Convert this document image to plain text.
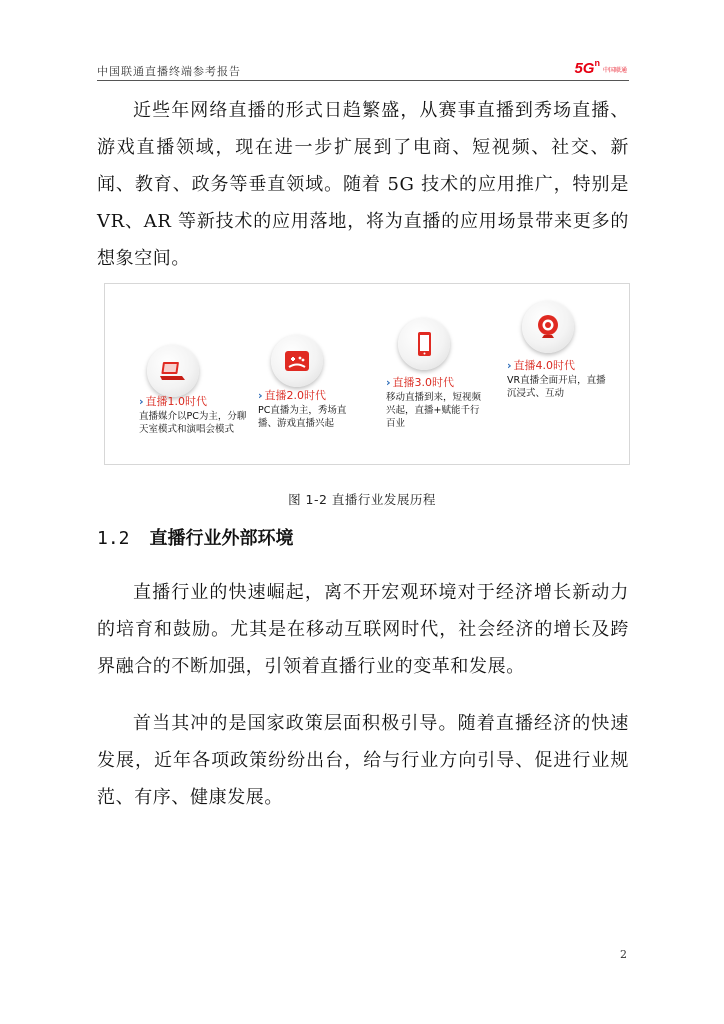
中国联通直播终端参考报告	5G n
中国联通

近些年网络直播的形式日趋繁盛，从赛事直播到秀场直播、游戏直播领域，现在进一步扩展到了电商、短视频、社交、新闻、教育、政务等垂直领域。随着 5G 技术的应用推广，特别是 VR、AR 等新技术的应用落地，将为直播的应用场景带来更多的想象空间。

› 直播1.0时代
直播媒介以PC为主，分聊天室模式和演唱会模式
› 直播2.0时代
PC直播为主，秀场直播、游戏直播兴起
› 直播3.0时代
移动直播到来，短视频兴起，直播+赋能千行百业
› 直播4.0时代
VR直播全面开启，直播沉浸式、互动
图 1-2 直播行业发展历程
1.2 直播行业外部环境

直播行业的快速崛起，离不开宏观环境对于经济增长新动力的培育和鼓励。尤其是在移动互联网时代，社会经济的增长及跨界融合的不断加强，引领着直播行业的变革和发展。

首当其冲的是国家政策层面积极引导。随着直播经济的快速发展，近年各项政策纷纷出台，给与行业方向引导、促进行业规范、有序、健康发展。

2
